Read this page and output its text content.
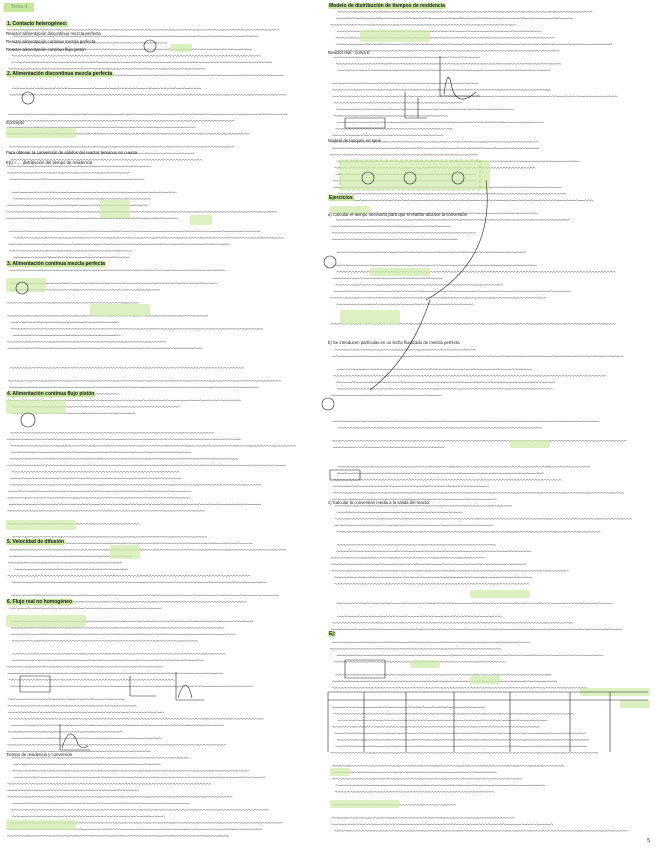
1. Contacto heterogéneo:
Reactor alimentación discontinuo mezcla perfecta
Reactor alimentación continuo mezcla perfecta
Reactor alimentación continuo flujo pistón
2. Alimentación discontinua mezcla perfecta
Concepto
Para obtener la conversión de sólidos del reactor tenemos en cuenta
E(t) = ... distribución del tiempo de residencia
3. Alimentación continua mezcla perfecta
4. Alimentación continua flujo pistón
5. Velocidad de difusión
6. Flujo real no homogéneo
Tiempo de residencia y conversión
Modelo de distribución de tiempos de residencia
Reactor real - curva E
Modelo de tanques en serie
Ejercicios
a) Calcular el tiempo necesario para que el reactor alcance la conversión
b) Se introducen partículas en un lecho fluidizado de mezcla perfecta
c) Calcular la conversión media a la salida del reactor
Ej:
5
